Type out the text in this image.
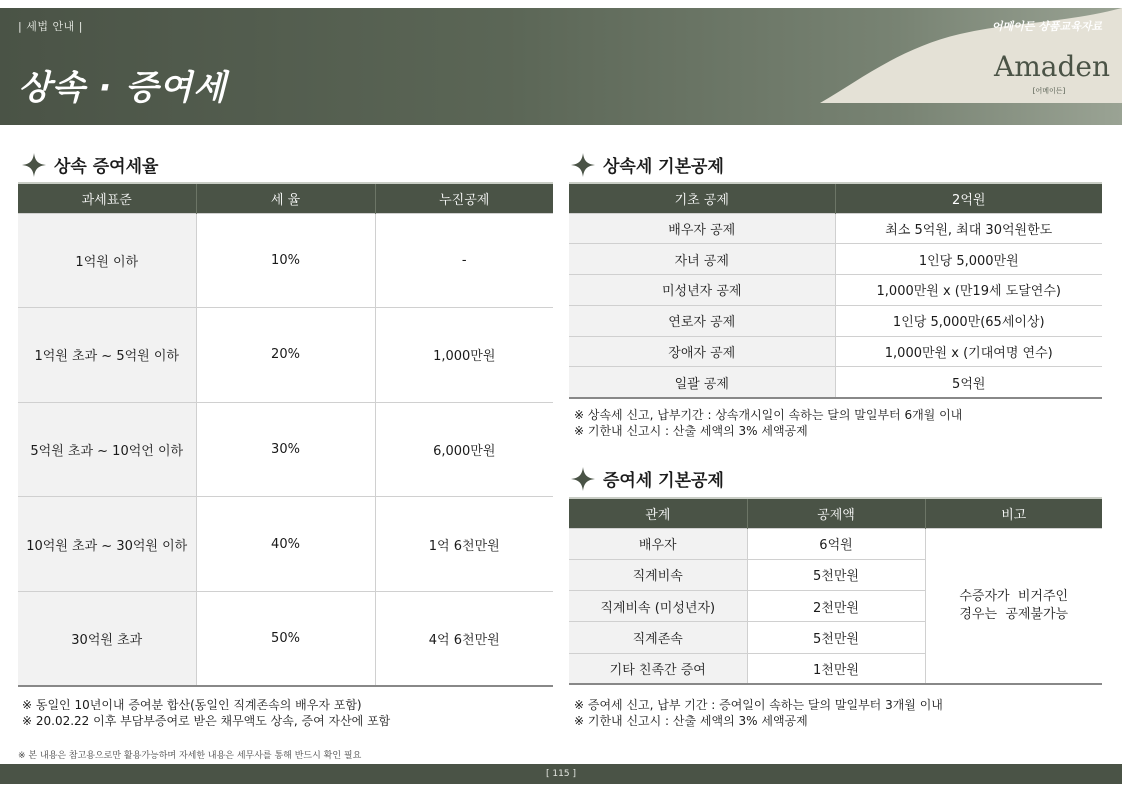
| 세법 안내 |
상속 · 증여세
어메이든 상품교육자료
Amaden
[어메이든]
상속 증여세율
과세표준	세 율	누진공제
1억원 이하	10%	-
1억원 초과 ~ 5억원 이하	20%	1,000만원
5억원 초과 ~ 10억언 이하	30%	6,000만원
10억원 초과 ~ 30억원 이하	40%	1억 6천만원
30억원 초과	50%	4억 6천만원
※ 동일인 10년이내 증여분 합산(동일인 직계존속의 배우자 포함)
※ 20.02.22 이후 부담부증여로 받은 채무액도 상속, 증여 자산에 포함
상속세 기본공제
기초 공제	2억원
배우자 공제	최소 5억원, 최대 30억원한도
자녀 공제	1인당 5,000만원
미성년자 공제	1,000만원 x (만19세 도달연수)
연로자 공제	1인당 5,000만(65세이상)
장애자 공제	1,000만원 x (기대여명 연수)
일괄 공제	5억원
※ 상속세 신고, 납부기간 : 상속개시일이 속하는 달의 말일부터 6개월 이내
※ 기한내 신고시 : 산출 세액의 3% 세액공제
증여세 기본공제
관계	공제액	비고
배우자	6억원	수증자가  비거주인
경우는  공제불가능

직계비속	5천만원	
직계비속 (미성년자)	2천만원	
직계존속	5천만원	
기타 친족간 증여	1천만원	
※ 증여세 신고, 납부 기간 : 증여일이 속하는 달의 말일부터 3개월 이내
※ 기한내 신고시 : 산출 세액의 3% 세액공제
※ 본 내용은 참고용으로만 활용가능하며 자세한 내용은 세무사를 통해 반드시 확인 필요
[ 115 ]
